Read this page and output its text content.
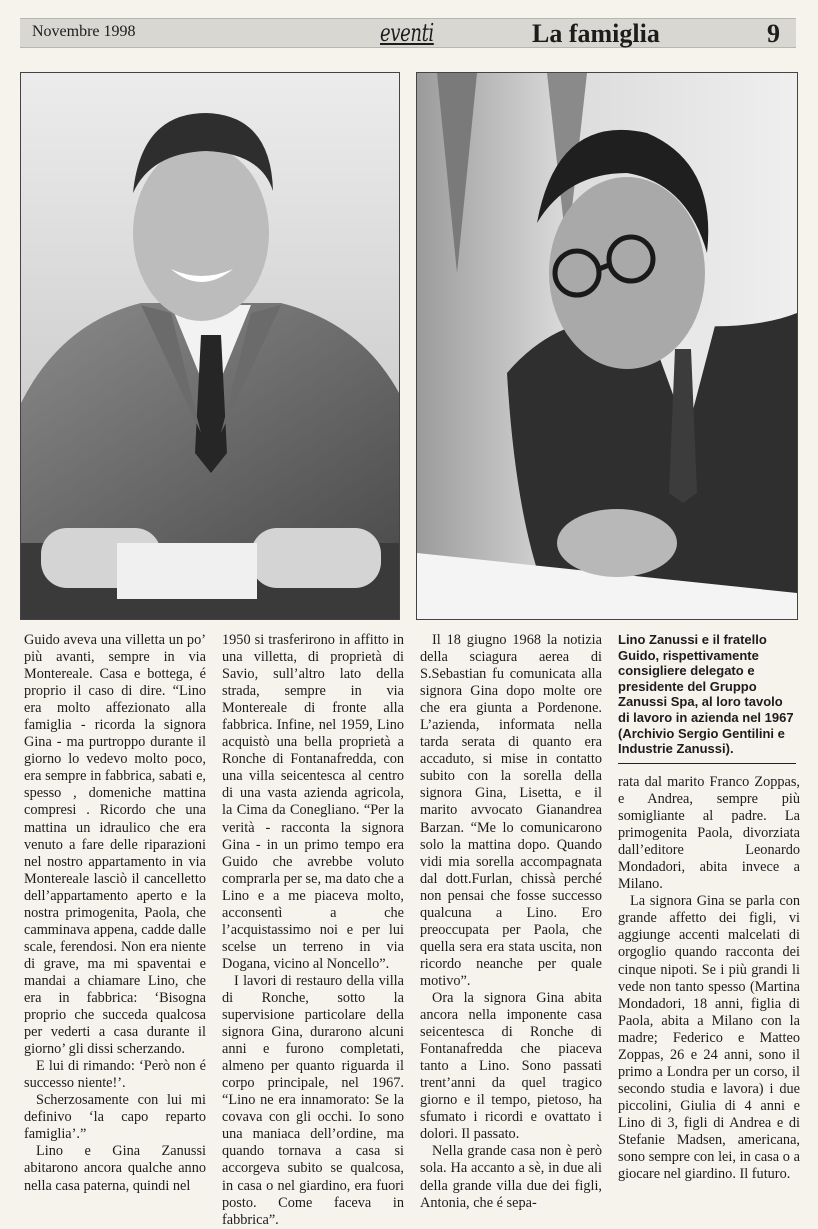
Novembre 1998	eventi	La famiglia	9

Guido aveva una villetta un po’ più avanti, sempre in via Montereale. Casa e bottega, é proprio il caso di dire. “Lino era molto affezionato alla famiglia - ricorda la signora Gina - ma purtroppo durante il giorno lo vedevo molto poco, era sempre in fabbrica, sabati e, spesso , domeniche mattina compresi . Ricordo che una mattina un idraulico che era venuto a fare delle riparazioni nel nostro appartamento in via Montereale lasciò il cancelletto dell’appartamento aperto e la nostra primogenita, Paola, che camminava appena, cadde dalle scale, ferendosi. Non era niente di grave, ma mi spaventai e mandai a chiamare Lino, che era in fabbrica: ‘Bisogna proprio che succeda qualcosa per vederti a casa durante il giorno’ gli dissi scherzando.

E lui di rimando: ‘Però non é successo niente!’.

Scherzosamente con lui mi definivo ‘la capo reparto famiglia’.”

Lino e Gina Zanussi abitarono ancora qualche anno nella casa paterna, quindi nel

1950 si trasferirono in affitto in una villetta, di proprietà di Savio, sull’altro lato della strada, sempre in via Montereale di fronte alla fabbrica. Infine, nel 1959, Lino acquistò una bella proprietà a Ronche di Fontanafredda, con una villa seicentesca al centro di una vasta azienda agricola, la Cima da Conegliano. “Per la verità - racconta la signora Gina - in un primo tempo era Guido che avrebbe voluto comprarla per se, ma dato che a Lino e a me piaceva molto, acconsentì a che l’acquistassimo noi e per lui scelse un terreno in via Dogana, vicino al Noncello”.

I lavori di restauro della villa di Ronche, sotto la supervisione particolare della signora Gina, durarono alcuni anni e furono completati, almeno per quanto riguarda il corpo principale, nel 1967. “Lino ne era innamorato: Se la covava con gli occhi. Io sono una maniaca dell’ordine, ma quando tornava a casa si accorgeva subito se qualcosa, in casa o nel giardino, era fuori posto. Come faceva in fabbrica”.

Il 18 giugno 1968 la notizia della sciagura aerea di S.Sebastian fu comunicata alla signora Gina dopo molte ore che era giunta a Pordenone. L’azienda, informata nella tarda serata di quanto era accaduto, si mise in contatto subito con la sorella della signora Gina, Lisetta, e il marito avvocato Gianandrea Barzan. “Me lo comunicarono solo la mattina dopo. Quando vidi mia sorella accompagnata dal dott.Furlan, chissà perché non pensai che fosse successo qualcuna a Lino. Ero preoccupata per Paola, che quella sera era stata uscita, non ricordo neanche per quale motivo”.

Ora la signora Gina abita ancora nella imponente casa seicentesca di Ronche di Fontanafredda che piaceva tanto a Lino. Sono passati trent’anni da quel tragico giorno e il tempo, pietoso, ha sfumato i ricordi e ovattato i dolori. Il passato.

Nella grande casa non è però sola. Ha accanto a sè, in due ali della grande villa due dei figli, Antonia, che é sepa-

Lino Zanussi e il fratello Guido, rispettivamente consigliere delegato e presidente del Gruppo Zanussi Spa, al loro tavolo di lavoro in azienda nel 1967 (Archivio Sergio Gentilini e Industrie Zanussi).

rata dal marito Franco Zoppas, e Andrea, sempre più somigliante al padre. La primogenita Paola, divorziata dall’editore Leonardo Mondadori, abita invece a Milano.

La signora Gina se parla con grande affetto dei figli, vi aggiunge accenti malcelati di orgoglio quando racconta dei cinque nipoti. Se i più grandi li vede non tanto spesso (Martina Mondadori, 18 anni, figlia di Paola, abita a Milano con la madre; Federico e Matteo Zoppas, 26 e 24 anni, sono il primo a Londra per un corso, il secondo studia e lavora) i due piccolini, Giulia di 4 anni e Lino di 3, figli di Andrea e di Stefanie Madsen, americana, sono sempre con lei, in casa o a giocare nel giardino. Il futuro.
